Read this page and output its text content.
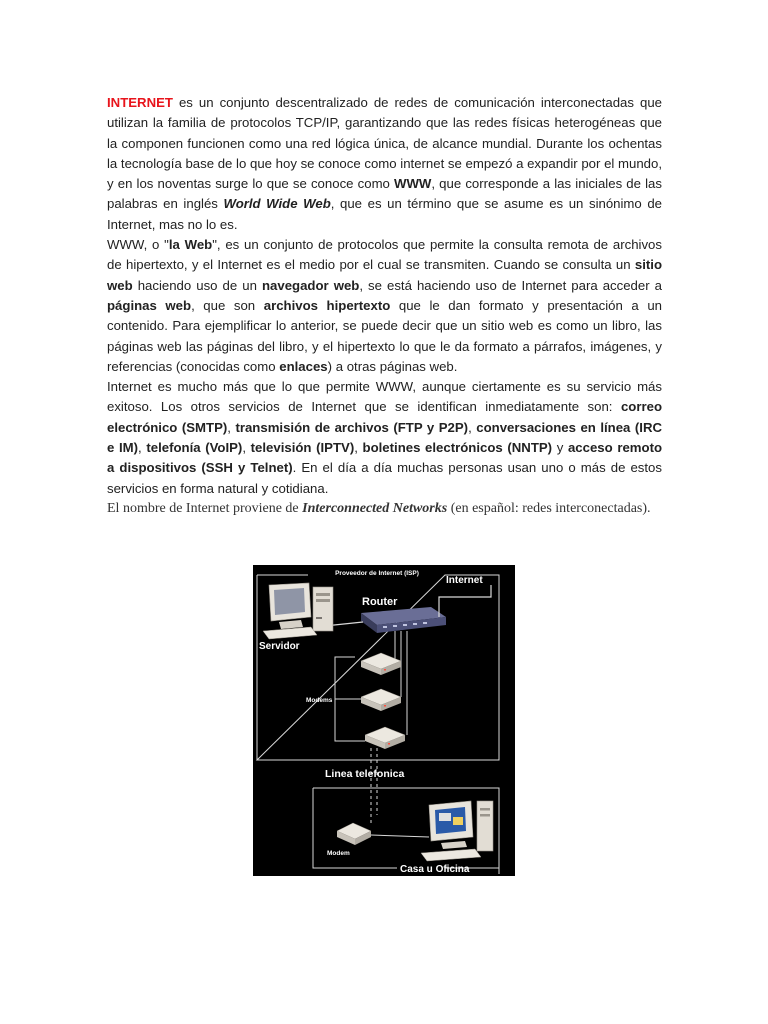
INTERNET es un conjunto descentralizado de redes de comunicación interconectadas que utilizan la familia de protocolos TCP/IP, garantizando que las redes físicas heterogéneas que la componen funcionen como una red lógica única, de alcance mundial. Durante los ochentas la tecnología base de lo que hoy se conoce como internet se empezó a expandir por el mundo, y en los noventas surge lo que se conoce como WWW, que corresponde a las iniciales de las palabras en inglés World Wide Web, que es un término que se asume es un sinónimo de Internet, mas no lo es.

WWW, o "la Web", es un conjunto de protocolos que permite la consulta remota de archivos de hipertexto, y el Internet es el medio por el cual se transmiten. Cuando se consulta un sitio web haciendo uso de un navegador web, se está haciendo uso de Internet para acceder a páginas web, que son archivos hipertexto que le dan formato y presentación a un contenido. Para ejemplificar lo anterior, se puede decir que un sitio web es como un libro, las páginas web las páginas del libro, y el hipertexto lo que le da formato a párrafos, imágenes, y referencias (conocidas como enlaces) a otras páginas web.

Internet es mucho más que lo que permite WWW, aunque ciertamente es su servicio más exitoso. Los otros servicios de Internet que se identifican inmediatamente son: correo electrónico (SMTP), transmisión de archivos (FTP y P2P), conversaciones en línea (IRC e IM), telefonía (VoIP), televisión (IPTV), boletines electrónicos (NNTP) y acceso remoto a dispositivos (SSH y Telnet). En el día a día muchas personas usan uno o más de estos servicios en forma natural y cotidiana.

El nombre de Internet proviene de Interconnected Networks (en español: redes interconectadas).

Proveedor de Internet (ISP)
Internet
Router
Servidor
Modems
Linea telefonica
Casa u Oficina
Modem
